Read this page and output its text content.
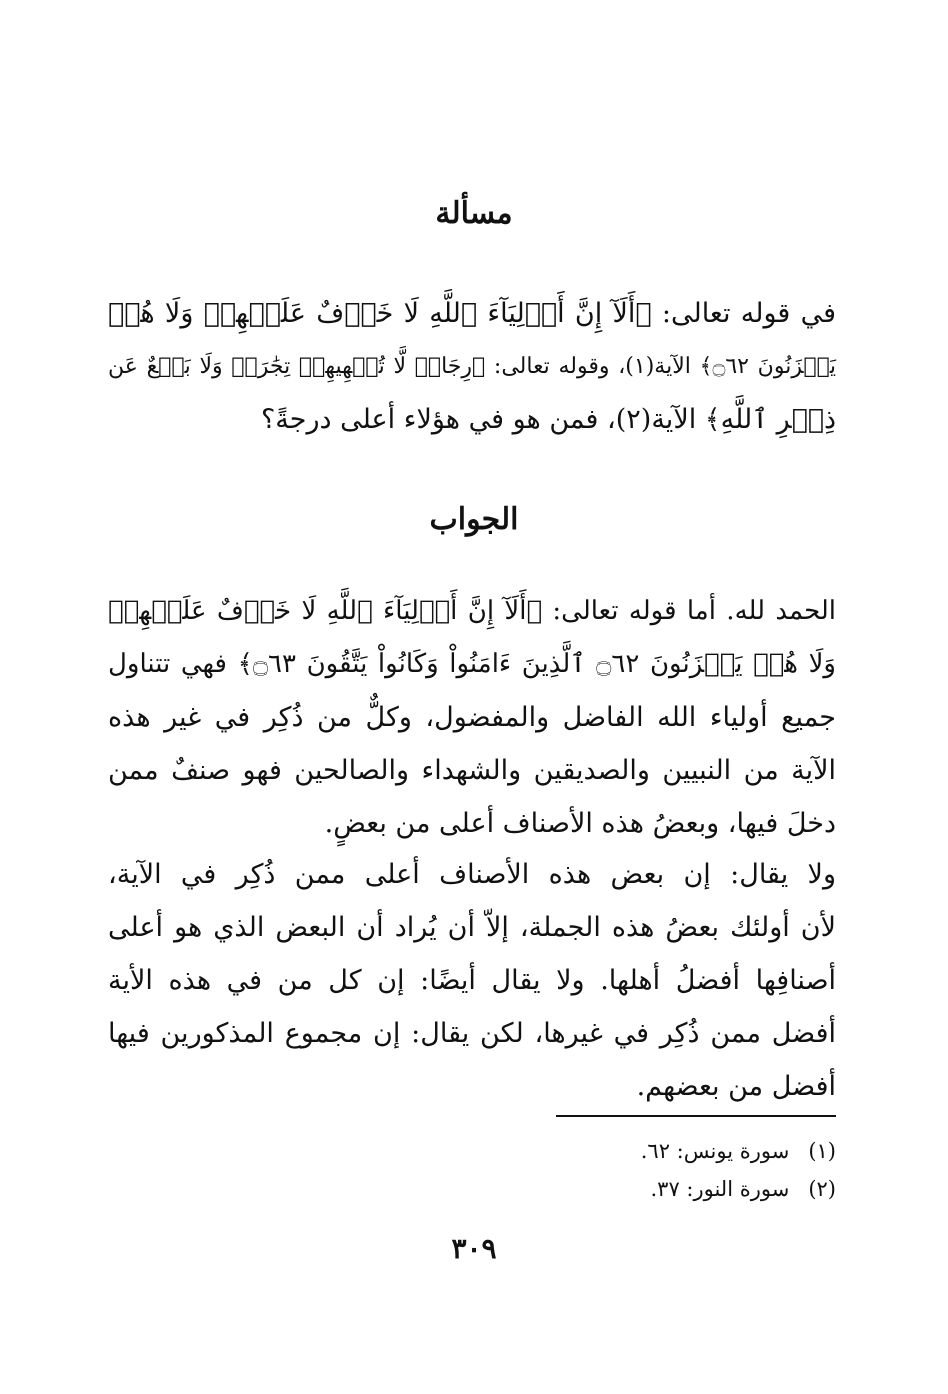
مسألة
في قوله تعالى: ﴿أَلَآ إِنَّ أَوۡلِيَآءَ ٱللَّهِ لَا خَوۡفٌ عَلَيۡهِمۡ وَلَا هُمۡ
يَحۡزَنُونَ ۝٦٢﴾ الآية(١)، وقوله تعالى: ﴿رِجَالٞ لَّا تُلۡهِيهِمۡ تِجَٰرَةٞ وَلَا بَيۡعٌ عَن
ذِكۡرِ ٱللَّهِ﴾ الآية(٢)، فمن هو في هؤلاء أعلى درجةً؟
الجواب
الحمد لله. أما قوله تعالى: ﴿أَلَآ إِنَّ أَوۡلِيَآءَ ٱللَّهِ لَا خَوۡفٌ عَلَيۡهِمۡ
وَلَا هُمۡ يَحۡزَنُونَ ۝٦٢ ٱلَّذِينَ ءَامَنُواْ وَكَانُواْ يَتَّقُونَ ۝٦٣﴾ فهي تتناول
جميع أولياء الله الفاضل والمفضول، وكلٌّ من ذُكِر في غير هذه
الآية من النبيين والصديقين والشهداء والصالحين فهو صنفٌ ممن
دخلَ فيها، وبعضُ هذه الأصناف أعلى من بعضٍ.
ولا يقال: إن بعض هذه الأصناف أعلى ممن ذُكِر في الآية،
لأن أولئك بعضُ هذه الجملة، إلاّ أن يُراد أن البعض الذي هو أعلى
أصنافِها أفضلُ أهلها. ولا يقال أيضًا: إن كل من في هذه الأية
أفضل ممن ذُكِر في غيرها، لكن يقال: إن مجموع المذكورين فيها
أفضل من بعضهم.
(١) سورة يونس: ٦٢.
(٢) سورة النور: ٣٧.
٣٠٩
